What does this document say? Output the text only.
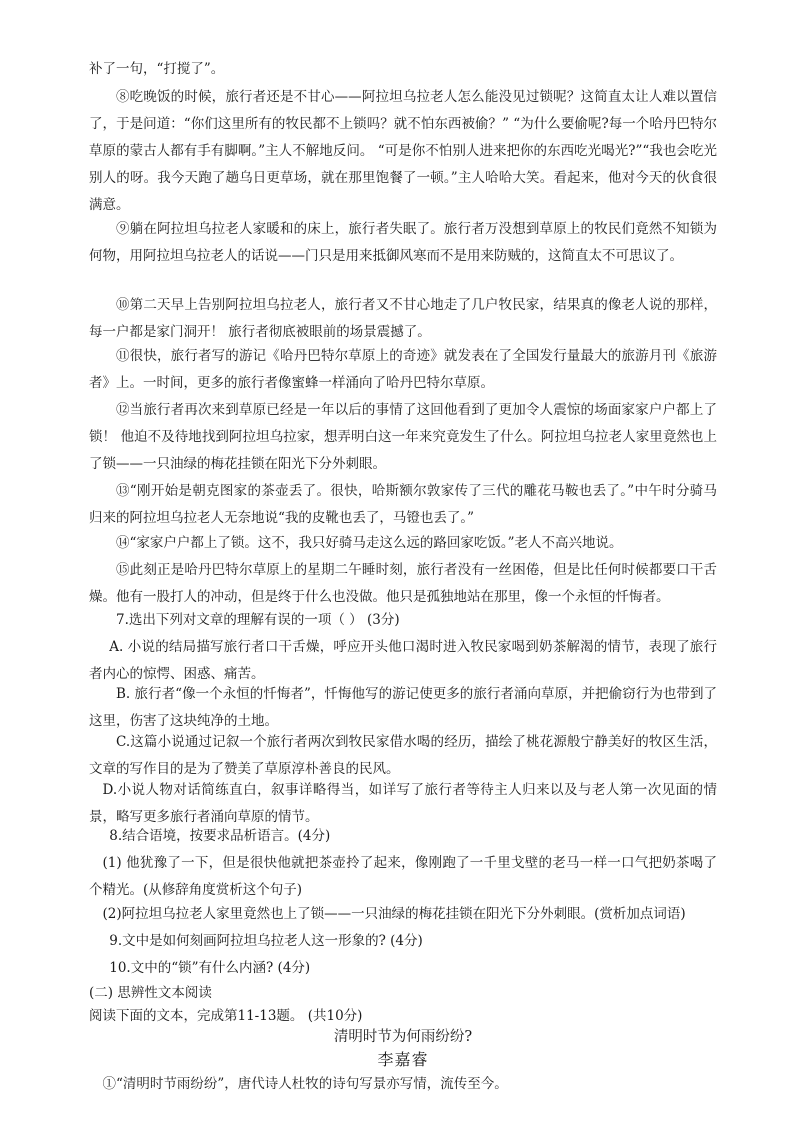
补了一句，“打搅了”。

⑧吃晚饭的时候，旅行者还是不甘心——阿拉坦乌拉老人怎么能没见过锁呢？这简直太让人难以置信了，于是问道：“你们这里所有的牧民都不上锁吗？就不怕东西被偷？” “为什么要偷呢?每一个哈丹巴特尔草原的蒙古人都有手有脚啊。”主人不解地反问。 “可是你不怕别人进来把你的东西吃光喝光?”“我也会吃光别人的呀。我今天跑了趟乌日更草场，就在那里饱餐了一顿。”主人哈哈大笑。看起来，他对今天的伙食很满意。

⑨躺在阿拉坦乌拉老人家暖和的床上，旅行者失眠了。旅行者万没想到草原上的牧民们竟然不知锁为何物，用阿拉坦乌拉老人的话说——门只是用来抵御风寒而不是用来防贼的，这简直太不可思议了。

⑩第二天早上告别阿拉坦乌拉老人，旅行者又不甘心地走了几户牧民家，结果真的像老人说的那样，每一户都是家门洞开！ 旅行者彻底被眼前的场景震撼了。

⑪很快，旅行者写的游记《哈丹巴特尔草原上的奇迹》就发表在了全国发行量最大的旅游月刊《旅游者》上。一时间，更多的旅行者像蜜蜂一样涌向了哈丹巴特尔草原。

⑫当旅行者再次来到草原已经是一年以后的事情了这回他看到了更加令人震惊的场面家家户户都上了锁！ 他迫不及待地找到阿拉坦乌拉家，想弄明白这一年来究竟发生了什么。阿拉坦乌拉老人家里竟然也上了锁——一只油绿的梅花挂锁在阳光下分外刺眼。

⑬“刚开始是朝克图家的茶壶丢了。很快，哈斯额尔敦家传了三代的雕花马鞍也丢了。”中午时分骑马归来的阿拉坦乌拉老人无奈地说“我的皮靴也丢了，马镫也丢了。”

⑭“家家户户都上了锁。这不，我只好骑马走这么远的路回家吃饭。”老人不高兴地说。

⑮此刻正是哈丹巴特尔草原上的星期二午睡时刻，旅行者没有一丝困倦，但是比任何时候都要口干舌燥。他有一股打人的冲动，但是终于什么也没做。他只是孤独地站在那里，像一个永恒的忏悔者。

7.选出下列对文章的理解有误的一项（ ） (3分)

A. 小说的结局描写旅行者口干舌燥，呼应开头他口渴时进入牧民家喝到奶茶解渴的情节，表现了旅行者内心的惊愕、困惑、痛苦。

B. 旅行者“像一个永恒的忏悔者”，忏悔他写的游记使更多的旅行者涌向草原，并把偷窃行为也带到了这里，伤害了这块纯净的土地。

C.这篇小说通过记叙一个旅行者两次到牧民家借水喝的经历，描绘了桃花源般宁静美好的牧区生活，文章的写作目的是为了赞美了草原淳朴善良的民风。

D.小说人物对话简练直白，叙事详略得当，如详写了旅行者等待主人归来以及与老人第一次见面的情景，略写更多旅行者涌向草原的情节。

8.结合语境，按要求品析语言。(4分)

(1) 他犹豫了一下，但是很快他就把茶壶拎了起来，像刚跑了一千里戈壁的老马一样一口气把奶茶喝了个精光。(从修辞角度赏析这个句子)

(2)阿拉坦乌拉老人家里竟然也上了锁——一只油绿的梅花挂锁在阳光下分外刺眼。(赏析加点词语)

9.文中是如何刻画阿拉坦乌拉老人这一形象的? (4分)

10.文中的“锁”有什么内涵? (4分)

(二) 思辨性文本阅读

阅读下面的文本，完成第11-13题。 (共10分)

清明时节为何雨纷纷?

李嘉睿

①“清明时节雨纷纷”，唐代诗人杜牧的诗句写景亦写情，流传至今。
